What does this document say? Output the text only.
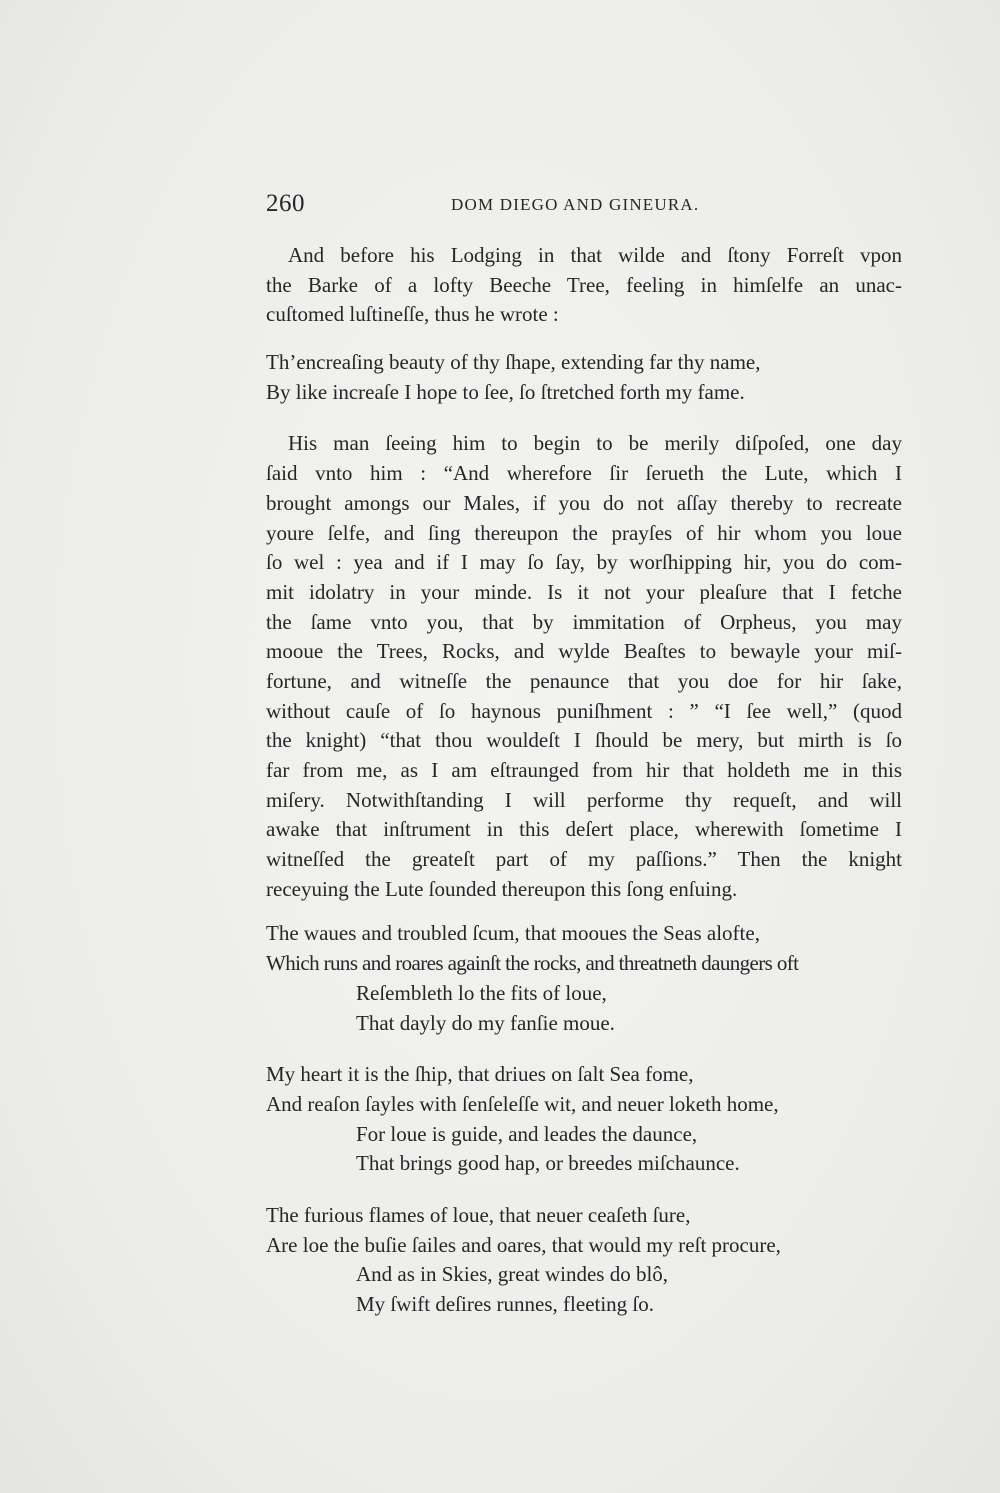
260	DOM DIEGO AND GINEURA.
And before his Lodging in that wilde and ſtony Forreſt vpon
the Barke of a lofty Beeche Tree, feeling in himſelfe an unac-
cuſtomed luſtineſſe, thus he wrote :
Th’encreaſing beauty of thy ſhape, extending far thy name,
By like increaſe I hope to ſee, ſo ſtretched forth my fame.
His man ſeeing him to begin to be merily diſpoſed, one day
ſaid vnto him : “And wherefore ſir ſerueth the Lute, which I
brought amongs our Males, if you do not aſſay thereby to recreate
youre ſelfe, and ſing thereupon the prayſes of hir whom you loue
ſo wel : yea and if I may ſo ſay, by worſhipping hir, you do com-
mit idolatry in your minde. Is it not your pleaſure that I fetche
the ſame vnto you, that by immitation of Orpheus, you may
mooue the Trees, Rocks, and wylde Beaſtes to bewayle your miſ-
fortune, and witneſſe the penaunce that you doe for hir ſake,
without cauſe of ſo haynous puniſhment : ” “I ſee well,” (quod
the knight) “that thou wouldeſt I ſhould be mery, but mirth is ſo
far from me, as I am eſtraunged from hir that holdeth me in this
miſery. Notwithſtanding I will performe thy requeſt, and will
awake that inſtrument in this deſert place, wherewith ſometime I
witneſſed the greateſt part of my paſſions.” Then the knight
receyuing the Lute ſounded thereupon this ſong enſuing.
The waues and troubled ſcum, that mooues the Seas alofte,
Which runs and roares againſt the rocks, and threatneth daungers oft
Reſembleth lo the fits of loue,
That dayly do my fanſie moue.
My heart it is the ſhip, that driues on ſalt Sea fome,
And reaſon ſayles with ſenſeleſſe wit, and neuer loketh home,
For loue is guide, and leades the daunce,
That brings good hap, or breedes miſchaunce.
The furious flames of loue, that neuer ceaſeth ſure,
Are loe the buſie ſailes and oares, that would my reſt procure,
And as in Skies, great windes do blô,
My ſwift deſires runnes, fleeting ſo.
